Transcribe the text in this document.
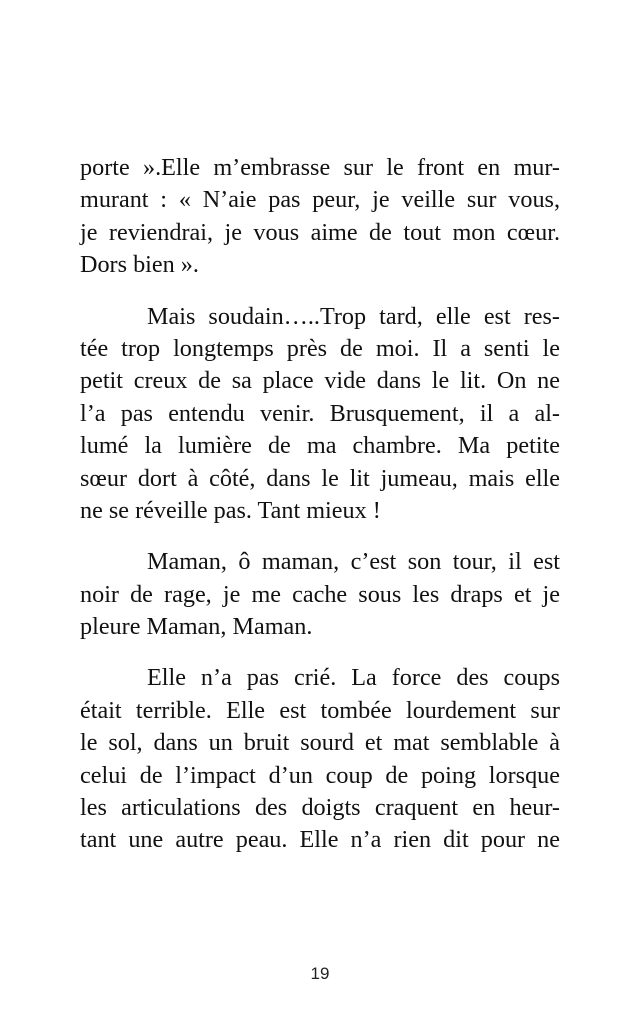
porte ».Elle m’embrasse sur le front en mur-
murant : « N’aie pas peur, je veille sur vous,
je reviendrai, je vous aime de tout mon cœur.
Dors bien ».

Mais soudain…..Trop tard, elle est res-
tée trop longtemps près de moi. Il a senti le
petit creux de sa place vide dans le lit. On ne
l’a pas entendu venir. Brusquement, il a al-
lumé la lumière de ma chambre. Ma petite
sœur dort à côté, dans le lit jumeau, mais elle
ne se réveille pas. Tant mieux !

Maman, ô maman, c’est son tour, il est
noir de rage, je me cache sous les draps et je
pleure Maman, Maman.

Elle n’a pas crié. La force des coups
était terrible. Elle est tombée lourdement sur
le sol, dans un bruit sourd et mat semblable à
celui de l’impact d’un coup de poing lorsque
les articulations des doigts craquent en heur-
tant une autre peau. Elle n’a rien dit pour ne

19
